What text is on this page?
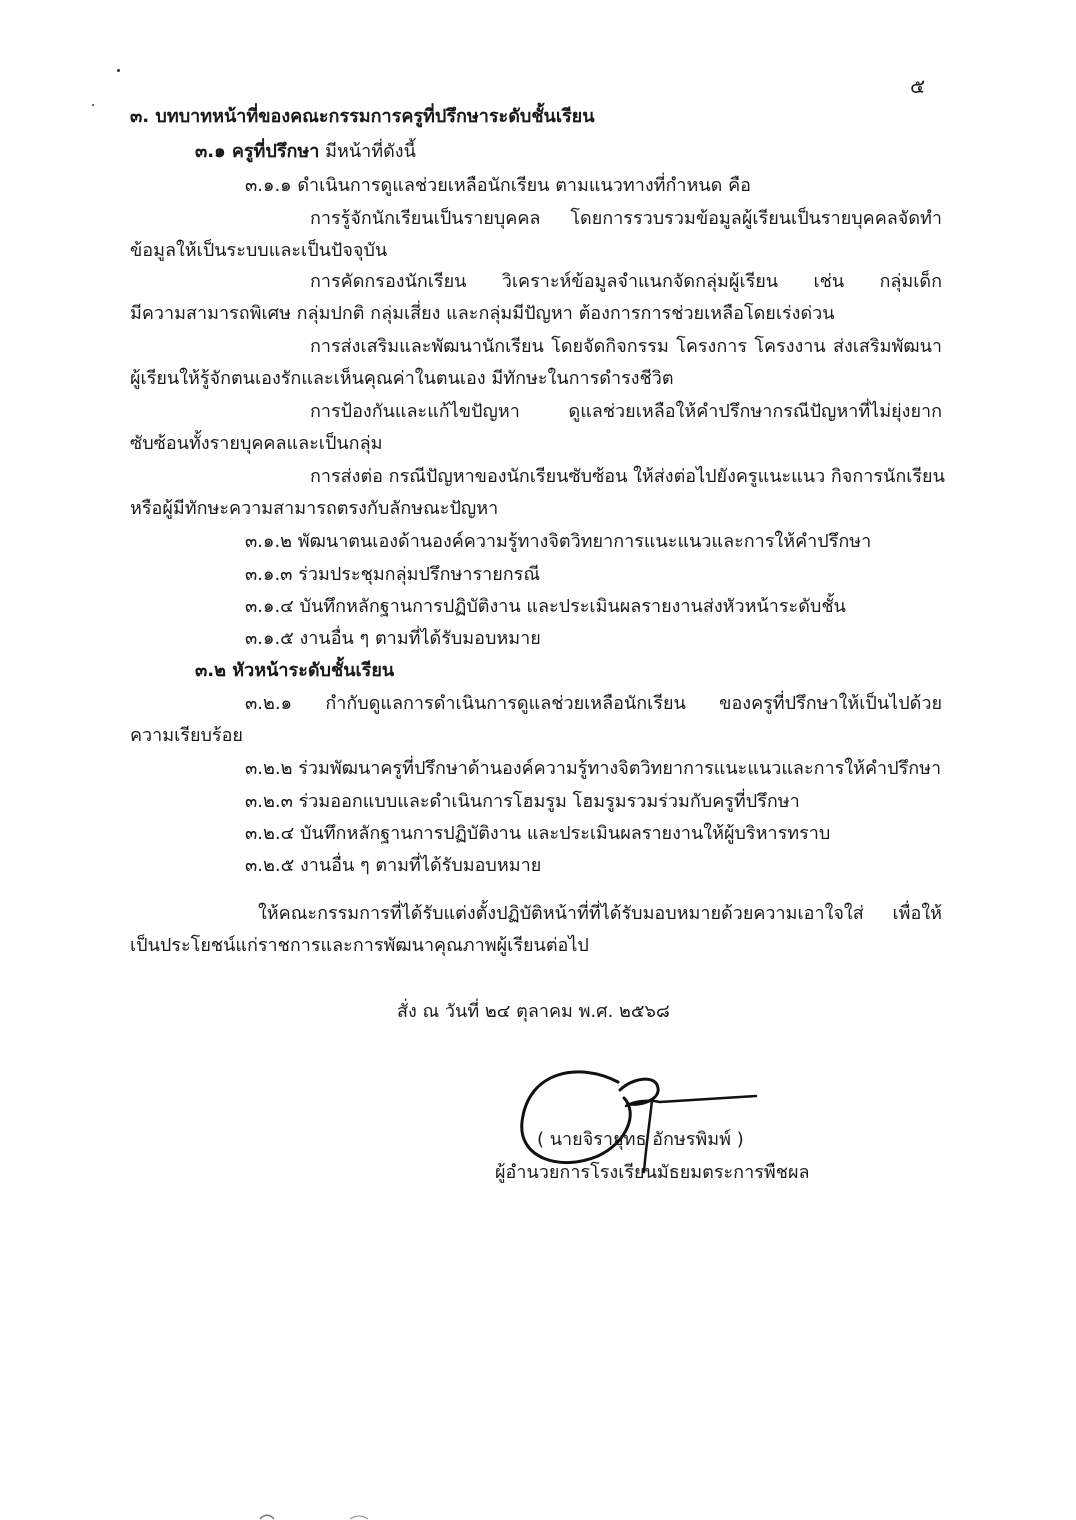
๕
๓. บทบาทหน้าที่ของคณะกรรมการครูที่ปรึกษาระดับชั้นเรียน
๓.๑ ครูที่ปรึกษา มีหน้าที่ดังนี้
๓.๑.๑ ดำเนินการดูแลช่วยเหลือนักเรียน ตามแนวทางที่กำหนด คือ
การรู้จักนักเรียนเป็นรายบุคคล โดยการรวบรวมข้อมูลผู้เรียนเป็นรายบุคคลจัดทำ
ข้อมูลให้เป็นระบบและเป็นปัจจุบัน
การคัดกรองนักเรียน วิเคราะห์ข้อมูลจำแนกจัดกลุ่มผู้เรียน เช่น กลุ่มเด็ก
มีความสามารถพิเศษ กลุ่มปกติ กลุ่มเสี่ยง และกลุ่มมีปัญหา ต้องการการช่วยเหลือโดยเร่งด่วน
การส่งเสริมและพัฒนานักเรียน โดยจัดกิจกรรม โครงการ โครงงาน ส่งเสริมพัฒนา
ผู้เรียนให้รู้จักตนเองรักและเห็นคุณค่าในตนเอง มีทักษะในการดำรงชีวิต
การป้องกันและแก้ไขปัญหา ดูแลช่วยเหลือให้คำปรึกษากรณีปัญหาที่ไม่ยุ่งยาก
ซับซ้อนทั้งรายบุคคลและเป็นกลุ่ม
การส่งต่อ กรณีปัญหาของนักเรียนซับซ้อน ให้ส่งต่อไปยังครูแนะแนว กิจการนักเรียน
หรือผู้มีทักษะความสามารถตรงกับลักษณะปัญหา
๓.๑.๒ พัฒนาตนเองด้านองค์ความรู้ทางจิตวิทยาการแนะแนวและการให้คำปรึกษา
๓.๑.๓ ร่วมประชุมกลุ่มปรึกษารายกรณี
๓.๑.๔ บันทึกหลักฐานการปฏิบัติงาน และประเมินผลรายงานส่งหัวหน้าระดับชั้น
๓.๑.๕ งานอื่น ๆ ตามที่ได้รับมอบหมาย
๓.๒ หัวหน้าระดับชั้นเรียน
๓.๒.๑ กำกับดูแลการดำเนินการดูแลช่วยเหลือนักเรียน ของครูที่ปรึกษาให้เป็นไปด้วย
ความเรียบร้อย
๓.๒.๒ ร่วมพัฒนาครูที่ปรึกษาด้านองค์ความรู้ทางจิตวิทยาการแนะแนวและการให้คำปรึกษา
๓.๒.๓ ร่วมออกแบบและดำเนินการโฮมรูม โฮมรูมรวมร่วมกับครูที่ปรึกษา
๓.๒.๔ บันทึกหลักฐานการปฏิบัติงาน และประเมินผลรายงานให้ผู้บริหารทราบ
๓.๒.๕ งานอื่น ๆ ตามที่ได้รับมอบหมาย
ให้คณะกรรมการที่ได้รับแต่งตั้งปฏิบัติหน้าที่ที่ได้รับมอบหมายด้วยความเอาใจใส่ เพื่อให้
เป็นประโยชน์แก่ราชการและการพัฒนาคุณภาพผู้เรียนต่อไป
สั่ง ณ วันที่ ๒๔ ตุลาคม พ.ศ. ๒๕๖๘
( นายจิรายุทธ อักษรพิมพ์ )
ผู้อำนวยการโรงเรียนมัธยมตระการพืชผล
